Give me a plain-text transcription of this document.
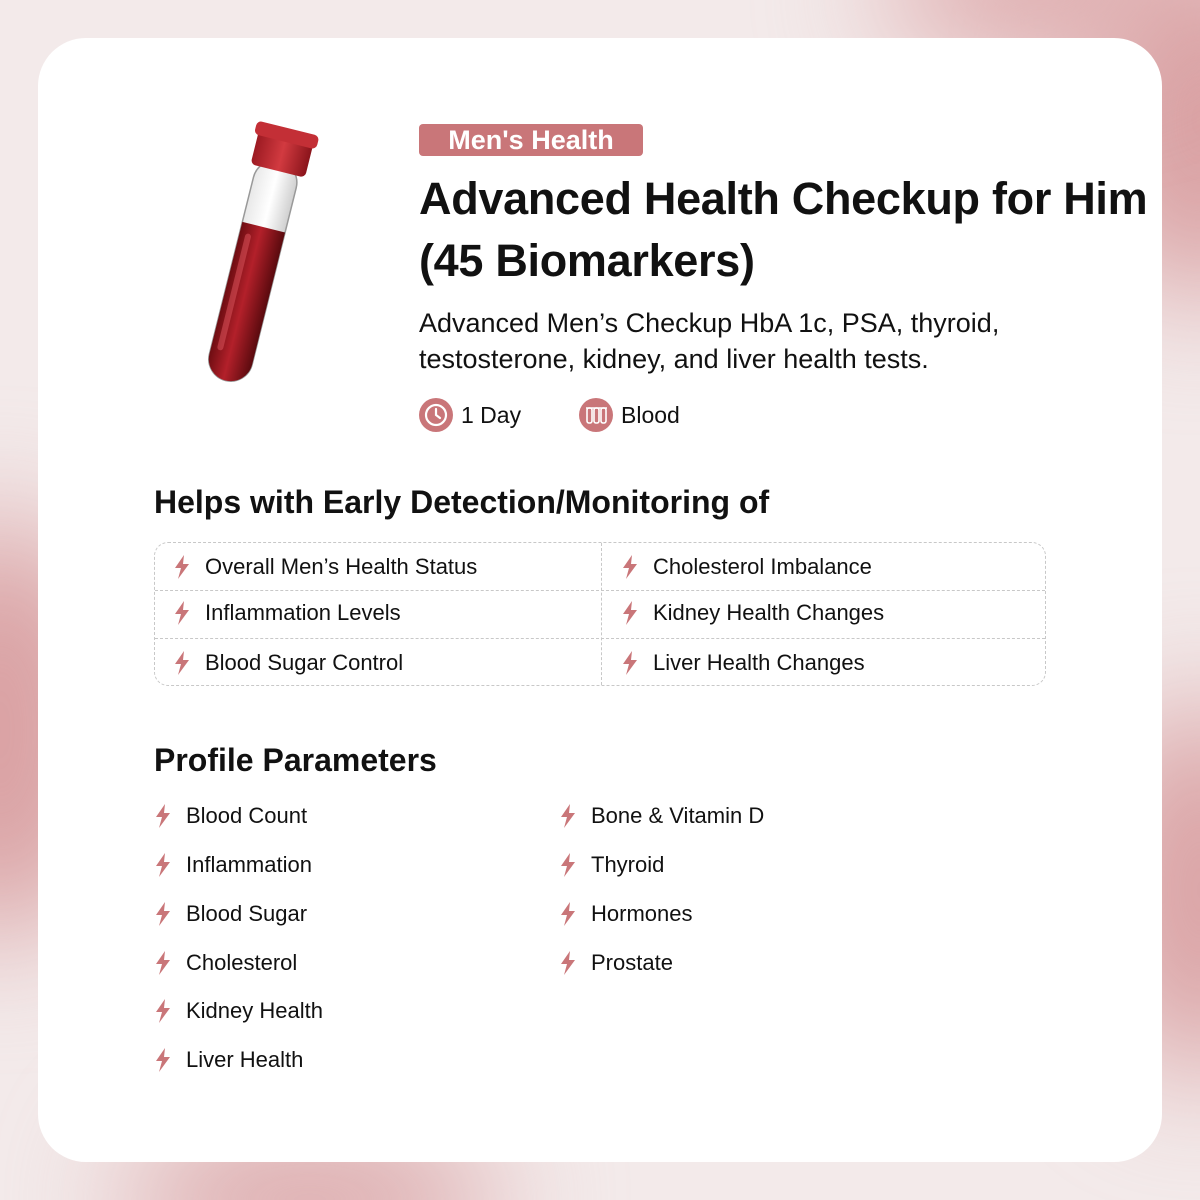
Men's Health
Advanced Health Checkup for Him
(45 Biomarkers)
Advanced Men’s Checkup HbA 1c, PSA, thyroid,
testosterone, kidney, and liver health tests.
1 Day	Blood
Helps with Early Detection/Monitoring of
Overall Men’s Health Status	Cholesterol Imbalance
Inflammation Levels	Kidney Health Changes
Blood Sugar Control	Liver Health Changes
Profile Parameters
Blood Count
Inflammation
Blood Sugar
Cholesterol
Kidney Health
Liver Health
Bone & Vitamin D
Thyroid
Hormones
Prostate
